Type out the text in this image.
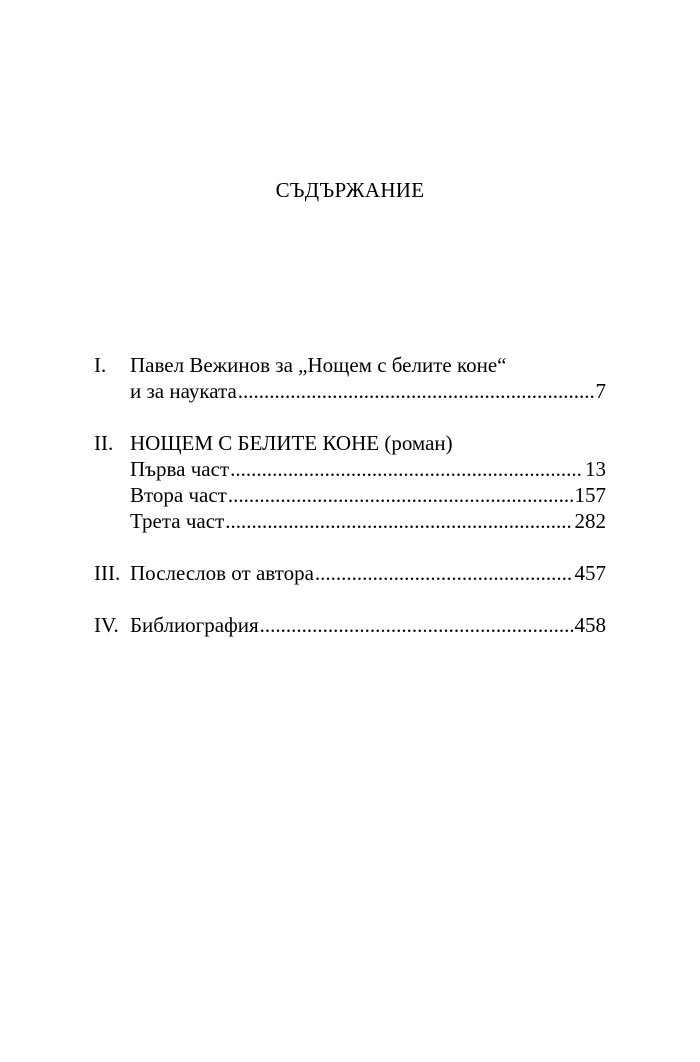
СЪДЪРЖАНИЕ
I. Павел Вежинов за „Нощем с белите коне“
и за науката .....	7
II. НОЩЕМ С БЕЛИТЕ КОНЕ (роман)
Първа част .....	13
Втора част .....	157
Трета част .....	282
III. Послеслов от автора .....	457
IV. Библиография .....	458
